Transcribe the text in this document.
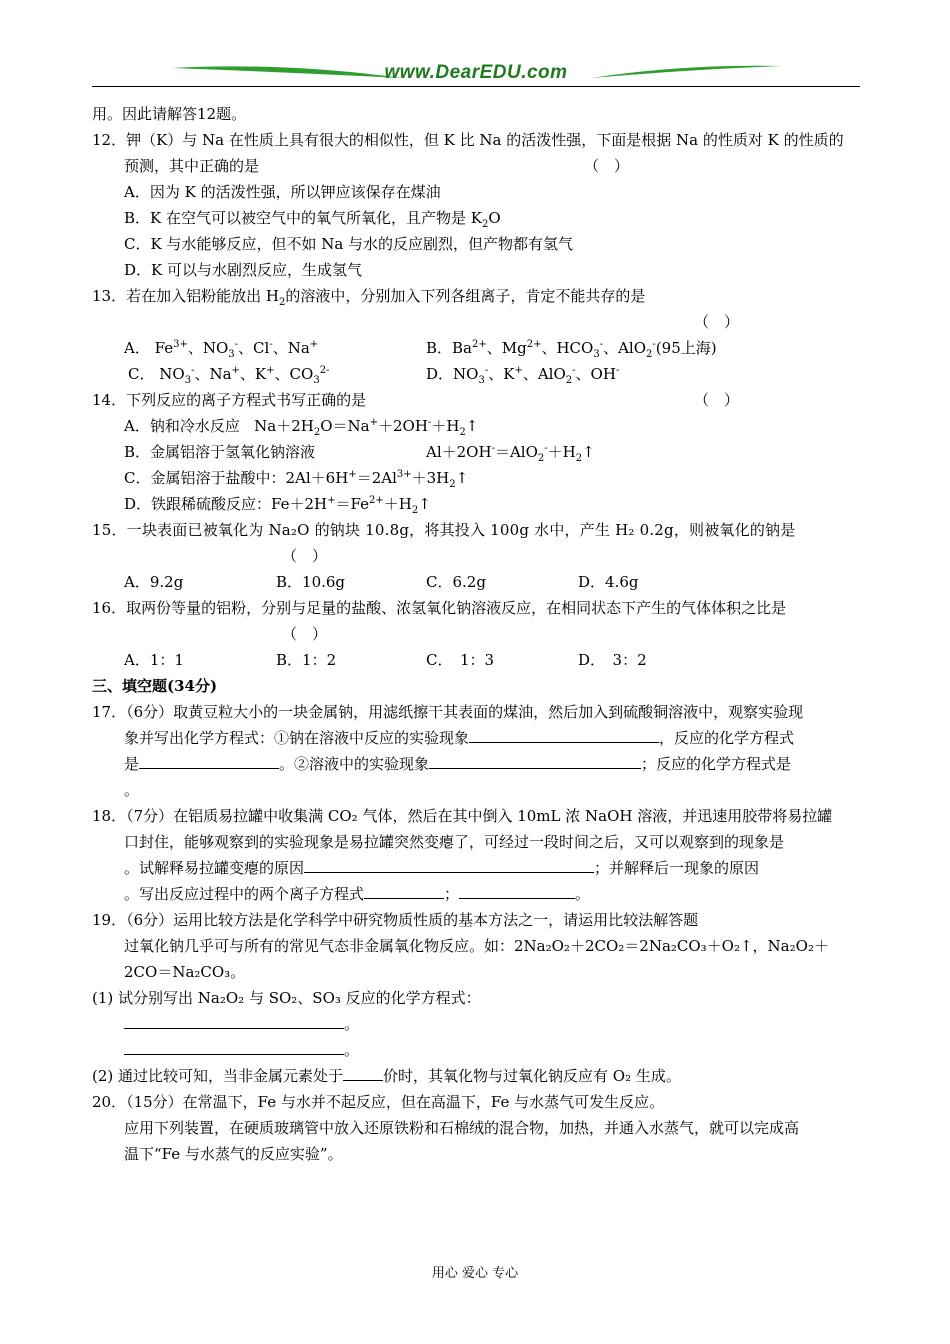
www.DearEDU.com
用。因此请解答12题。
12．钾（K）与 Na 在性质上具有很大的相似性，但 K 比 Na 的活泼性强，下面是根据 Na 的性质对 K 的性质的
预测，其中正确的是	（　）
A．因为 K 的活泼性强，所以钾应该保存在煤油
B．K 在空气可以被空气中的氧气所氧化，且产物是 $K_2O$
C．K 与水能够反应，但不如 Na 与水的反应剧烈，但产物都有氢气
D．K 可以与水剧烈反应，生成氢气
13．若在加入铝粉能放出 $H_2$的溶液中，分别加入下列各组离子，肯定不能共存的是
（　）
A． $Fe^{3+}$、$NO_3^-$、Cl-、Na+	B．$Ba^{2+}$、$Mg^{2+}$、$HCO_3^-$、AlO$_2$-(95上海)
C． $NO_3^-$、Na+、K+、$CO_3^{2-}$	D．$NO_3^-$、K+、AlO$_2$-、OH-
14．下列反应的离子方程式书写正确的是	（　）
A．钠和冷水反应   $Na+2H_2O=Na^++2OH^-+H_2↑$
B．金属铝溶于氢氧化钠溶液	$Al+2OH^-=AlO_2^-+H_2↑$
C．金属铝溶于盐酸中：$2Al+6H^+=2Al^{3+}+3H_2↑$
D．铁跟稀硫酸反应：$Fe+2H^+=Fe^{2+}+H_2↑$
15．一块表面已被氧化为 Na₂O 的钠块 10.8g，将其投入 100g 水中，产生 H₂ 0.2g，则被氧化的钠是
（　）
A．9.2g	B．10.6g	C．6.2g	D．4.6g
16．取两份等量的铝粉，分别与足量的盐酸、浓氢氧化钠溶液反应，在相同状态下产生的气体体积之比是
（　）
A．1：1	B．1：2	C．　1：3	D．　3：2
三、填空题(34分)
17．（6分）取黄豆粒大小的一块金属钠，用滤纸擦干其表面的煤油，然后加入到硫酸铜溶液中，观察实验现
象并写出化学方程式：①钠在溶液中反应的实验现象	，反应的化学方程式
是	。②溶液中的实验现象	；反应的化学方程式是
。
18．（7分）在铝质易拉罐中收集满 CO₂ 气体，然后在其中倒入 10mL 浓 NaOH 溶液，并迅速用胶带将易拉罐
口封住，能够观察到的实验现象是易拉罐突然变瘪了，可经过一段时间之后，又可以观察到的现象是
。试解释易拉罐变瘪的原因	；并解释后一现象的原因
。写出反应过程中的两个离子方程式	；	。
19．（6分）运用比较方法是化学科学中研究物质性质的基本方法之一，请运用比较法解答题
过氧化钠几乎可与所有的常见气态非金属氧化物反应。如：2Na₂O₂＋2CO₂＝2Na₂CO₃＋O₂↑，Na₂O₂＋
2CO＝Na₂CO₃。
(1) 试分别写出 Na₂O₂ 与 SO₂、SO₃ 反应的化学方程式：
。
。
(2) 通过比较可知，当非金属元素处于	价时，其氧化物与过氧化钠反应有 O₂ 生成。
20．（15分）在常温下，Fe 与水并不起反应，但在高温下，Fe 与水蒸气可发生反应。
应用下列装置，在硬质玻璃管中放入还原铁粉和石棉绒的混合物，加热，并通入水蒸气，就可以完成高
温下“Fe 与水蒸气的反应实验”。
用心 爱心 专心
